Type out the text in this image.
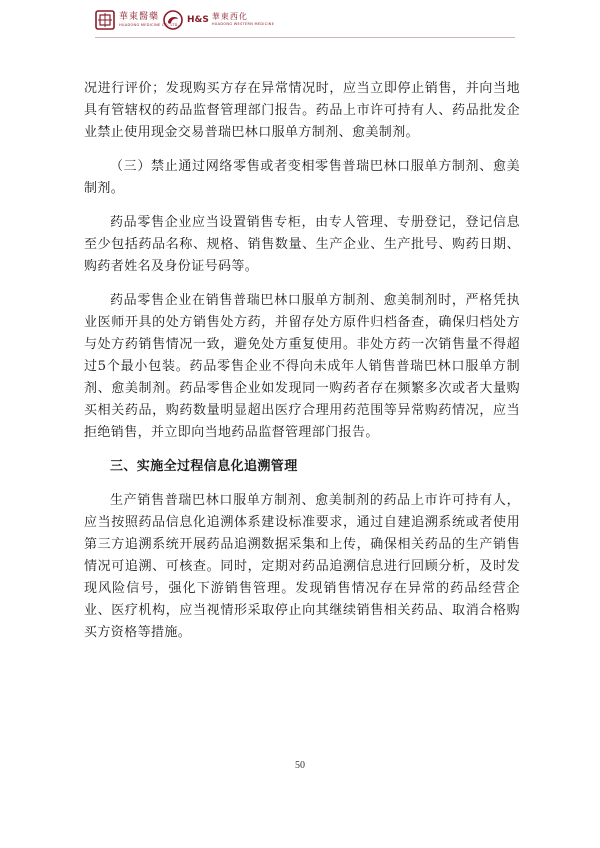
華東醫藥
HUADONG MEDICINE CO.,LTD. H&S 華東西化
HUADONG WESTERN MEDICINE

况进行评价；发现购买方存在异常情况时，应当立即停止销售，并向当地具有管辖权的药品监督管理部门报告。药品上市许可持有人、药品批发企业禁止使用现金交易普瑞巴林口服单方制剂、愈美制剂。

（三）禁止通过网络零售或者变相零售普瑞巴林口服单方制剂、愈美制剂。

药品零售企业应当设置销售专柜，由专人管理、专册登记，登记信息至少包括药品名称、规格、销售数量、生产企业、生产批号、购药日期、购药者姓名及身份证号码等。

药品零售企业在销售普瑞巴林口服单方制剂、愈美制剂时，严格凭执业医师开具的处方销售处方药，并留存处方原件归档备查，确保归档处方与处方药销售情况一致，避免处方重复使用。非处方药一次销售量不得超过5个最小包装。药品零售企业不得向未成年人销售普瑞巴林口服单方制剂、愈美制剂。药品零售企业如发现同一购药者存在频繁多次或者大量购买相关药品，购药数量明显超出医疗合理用药范围等异常购药情况，应当拒绝销售，并立即向当地药品监督管理部门报告。

三、实施全过程信息化追溯管理

生产销售普瑞巴林口服单方制剂、愈美制剂的药品上市许可持有人，应当按照药品信息化追溯体系建设标准要求，通过自建追溯系统或者使用第三方追溯系统开展药品追溯数据采集和上传，确保相关药品的生产销售情况可追溯、可核查。同时，定期对药品追溯信息进行回顾分析，及时发现风险信号，强化下游销售管理。发现销售情况存在异常的药品经营企业、医疗机构，应当视情形采取停止向其继续销售相关药品、取消合格购买方资格等措施。

50
